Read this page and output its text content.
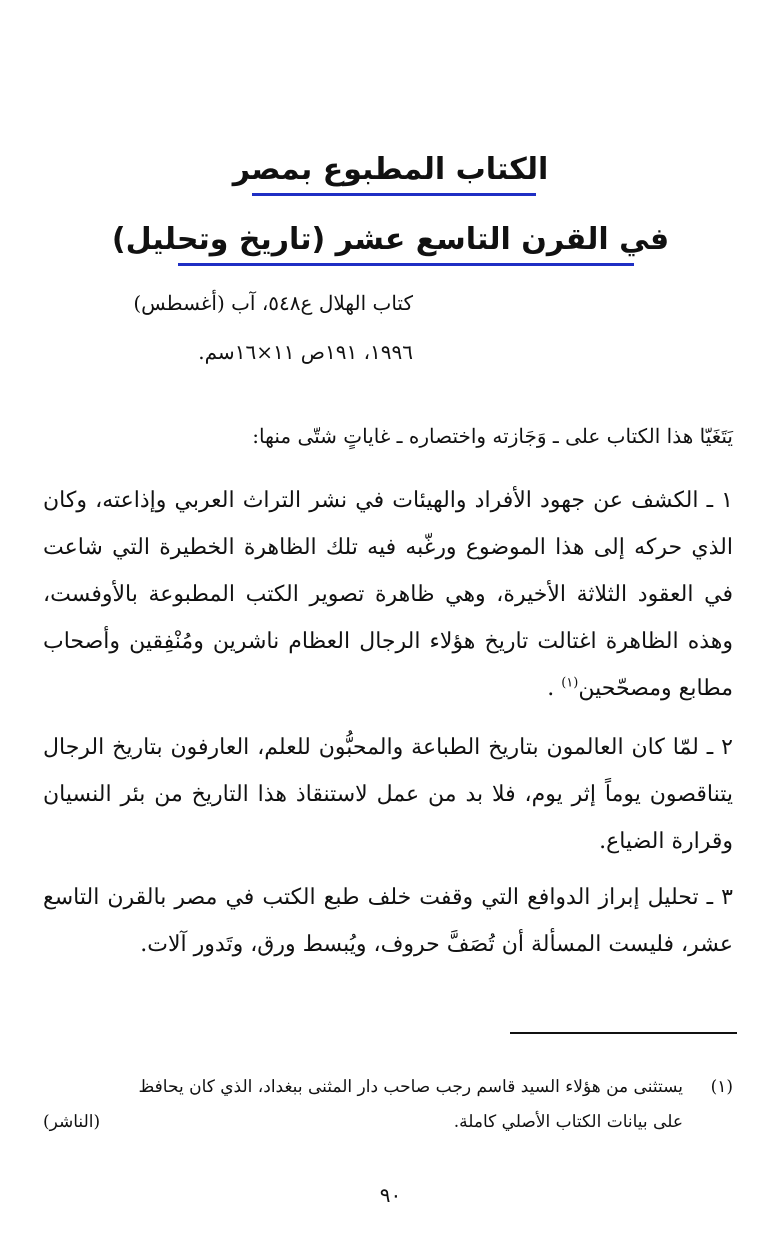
الكتاب المطبوع بمصر
في القرن التاسع عشر (تاريخ وتحليل)
كتاب الهلال ع٥٤٨، آب (أغسطس)
١٩٩٦، ١٩١ص ١١×١٦سم.

يَتَغَيّا هذا الكتاب على ـ وَجَازته واختصاره ـ غاياتٍ شتّى منها:

١ ـ الكشف عن جهود الأفراد والهيئات في نشر التراث العربي وإذاعته، وكان الذي حركه إلى هذا الموضوع ورغّبه فيه تلك الظاهرة الخطيرة التي شاعت في العقود الثلاثة الأخيرة، وهي ظاهرة تصوير الكتب المطبوعة بالأوفست، وهذه الظاهرة اغتالت تاريخ هؤلاء الرجال العظام ناشرين ومُنْفِقين وأصحاب مطابع ومصحّحين$^{(١)}$ .

٢ ـ لمّا كان العالمون بتاريخ الطباعة والمحبُّون للعلم، العارفون بتاريخ الرجال يتناقصون يوماً إثر يوم، فلا بد من عمل لاستنقاذ هذا التاريخ من بئر النسيان وقرارة الضياع.

٣ ـ تحليل إبراز الدوافع التي وقفت خلف طبع الكتب في مصر بالقرن التاسع عشر، فليست المسألة أن تُصَفَّ حروف، ويُبسط ورق، وتَدور آلات.

(١)
يستثنى من هؤلاء السيد قاسم رجب صاحب دار المثنى ببغداد، الذي كان يحافظ
على بيانات الكتاب الأصلي كاملة.
(الناشر)
٩٠
